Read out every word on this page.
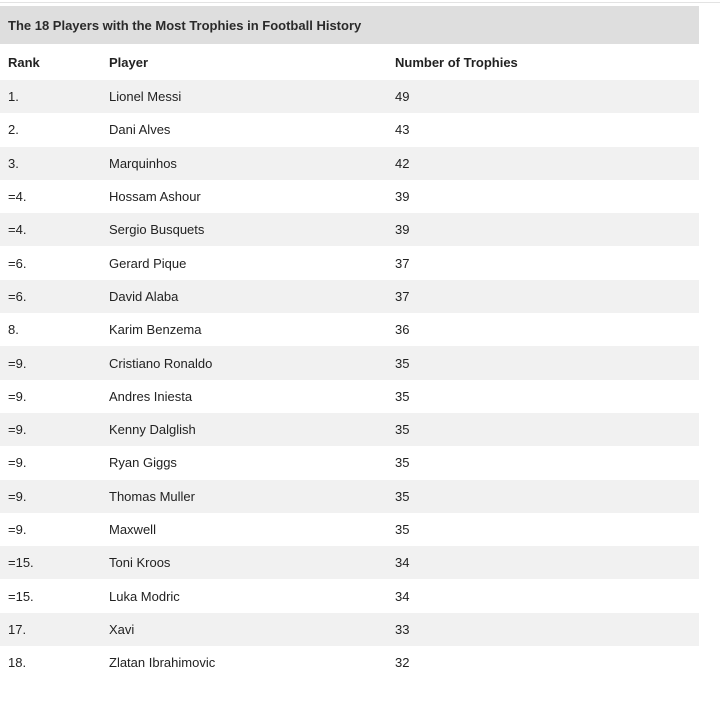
The 18 Players with the Most Trophies in Football History
Rank	Player	Number of Trophies
1.	Lionel Messi	49
2.	Dani Alves	43
3.	Marquinhos	42
=4.	Hossam Ashour	39
=4.	Sergio Busquets	39
=6.	Gerard Pique	37
=6.	David Alaba	37
8.	Karim Benzema	36
=9.	Cristiano Ronaldo	35
=9.	Andres Iniesta	35
=9.	Kenny Dalglish	35
=9.	Ryan Giggs	35
=9.	Thomas Muller	35
=9.	Maxwell	35
=15.	Toni Kroos	34
=15.	Luka Modric	34
17.	Xavi	33
18.	Zlatan Ibrahimovic	32
